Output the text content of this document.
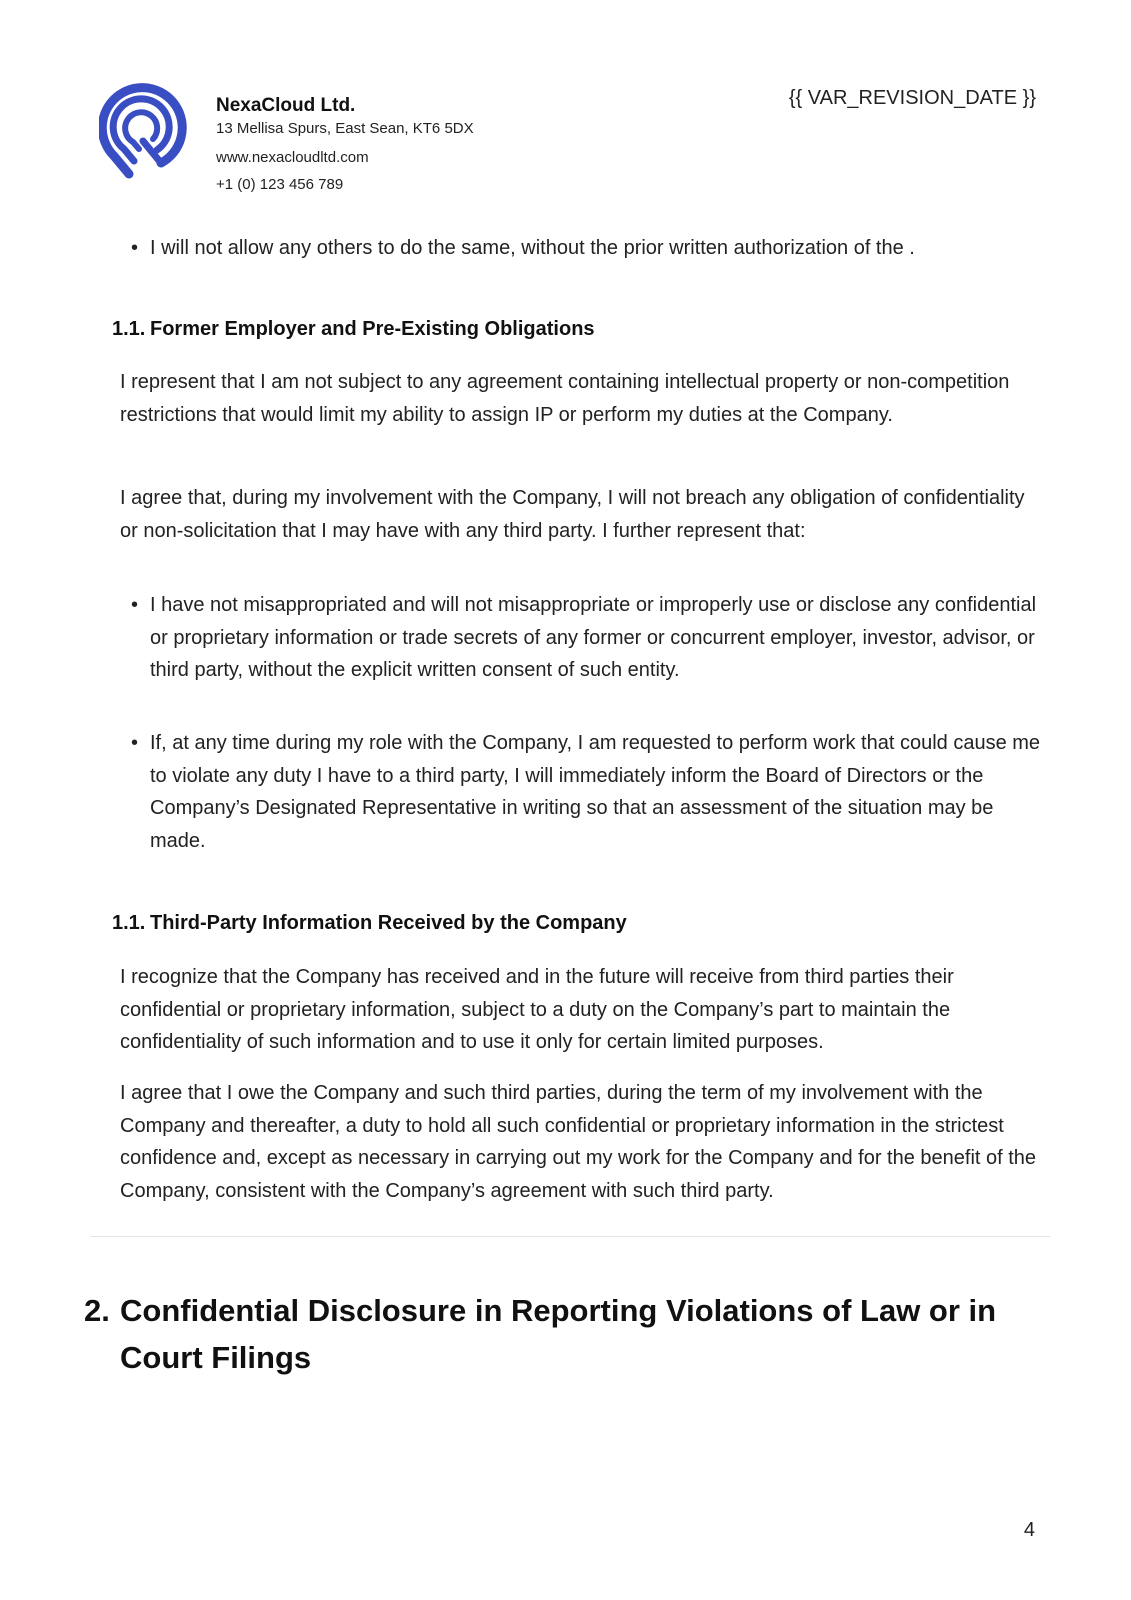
NexaCloud Ltd.
13 Mellisa Spurs, East Sean, KT6 5DX
www.nexacloudltd.com
+1 (0) 123 456 789
{{ VAR_REVISION_DATE }}
• I will not allow any others to do the same, without the prior written authorization of the .
1.1. Former Employer and Pre-Existing Obligations
I represent that I am not subject to any agreement containing intellectual property or non-competition restrictions that would limit my ability to assign IP or perform my duties at the Company.
I agree that, during my involvement with the Company, I will not breach any obligation of confidentiality or non-solicitation that I may have with any third party. I further represent that:
• I have not misappropriated and will not misappropriate or improperly use or disclose any confidential or proprietary information or trade secrets of any former or concurrent employer, investor, advisor, or third party, without the explicit written consent of such entity.
• If, at any time during my role with the Company, I am requested to perform work that could cause me to violate any duty I have to a third party, I will immediately inform the Board of Directors or the Company’s Designated Representative in writing so that an assessment of the situation may be made.
1.1. Third-Party Information Received by the Company
I recognize that the Company has received and in the future will receive from third parties their confidential or proprietary information, subject to a duty on the Company’s part to maintain the confidentiality of such information and to use it only for certain limited purposes.
I agree that I owe the Company and such third parties, during the term of my involvement with the Company and thereafter, a duty to hold all such confidential or proprietary information in the strictest confidence and, except as necessary in carrying out my work for the Company and for the benefit of the Company, consistent with the Company’s agreement with such third party.
2. Confidential Disclosure in Reporting Violations of Law or in Court Filings
4
